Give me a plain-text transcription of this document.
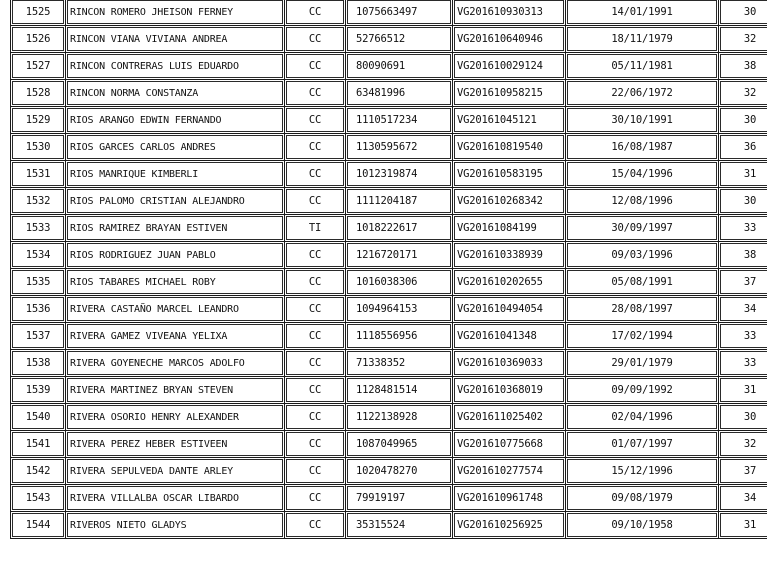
1525	RINCON ROMERO JHEISON FERNEY	CC	1075663497	VG201610930313	14/01/1991	30
1526	RINCON VIANA VIVIANA ANDREA	CC	52766512	VG201610640946	18/11/1979	32
1527	RINCON CONTRERAS LUIS EDUARDO	CC	80090691	VG201610029124	05/11/1981	38
1528	RINCON NORMA CONSTANZA	CC	63481996	VG201610958215	22/06/1972	32
1529	RIOS ARANGO EDWIN FERNANDO	CC	1110517234	VG20161045121	30/10/1991	30
1530	RIOS GARCES CARLOS ANDRES	CC	1130595672	VG201610819540	16/08/1987	36
1531	RIOS MANRIQUE KIMBERLI	CC	1012319874	VG201610583195	15/04/1996	31
1532	RIOS PALOMO CRISTIAN ALEJANDRO	CC	1111204187	VG201610268342	12/08/1996	30
1533	RIOS RAMIREZ BRAYAN ESTIVEN	TI	1018222617	VG20161084199	30/09/1997	33
1534	RIOS RODRIGUEZ JUAN PABLO	CC	1216720171	VG201610338939	09/03/1996	38
1535	RIOS TABARES MICHAEL ROBY	CC	1016038306	VG201610202655	05/08/1991	37
1536	RIVERA CASTAÑO MARCEL LEANDRO	CC	1094964153	VG201610494054	28/08/1997	34
1537	RIVERA GAMEZ VIVEANA YELIXA	CC	1118556956	VG20161041348	17/02/1994	33
1538	RIVERA GOYENECHE MARCOS ADOLFO	CC	71338352	VG201610369033	29/01/1979	33
1539	RIVERA MARTINEZ BRYAN STEVEN	CC	1128481514	VG201610368019	09/09/1992	31
1540	RIVERA OSORIO HENRY ALEXANDER	CC	1122138928	VG201611025402	02/04/1996	30
1541	RIVERA PEREZ HEBER ESTIVEEN	CC	1087049965	VG201610775668	01/07/1997	32
1542	RIVERA SEPULVEDA DANTE ARLEY	CC	1020478270	VG201610277574	15/12/1996	37
1543	RIVERA VILLALBA OSCAR LIBARDO	CC	79919197	VG201610961748	09/08/1979	34
1544	RIVEROS NIETO GLADYS	CC	35315524	VG201610256925	09/10/1958	31
